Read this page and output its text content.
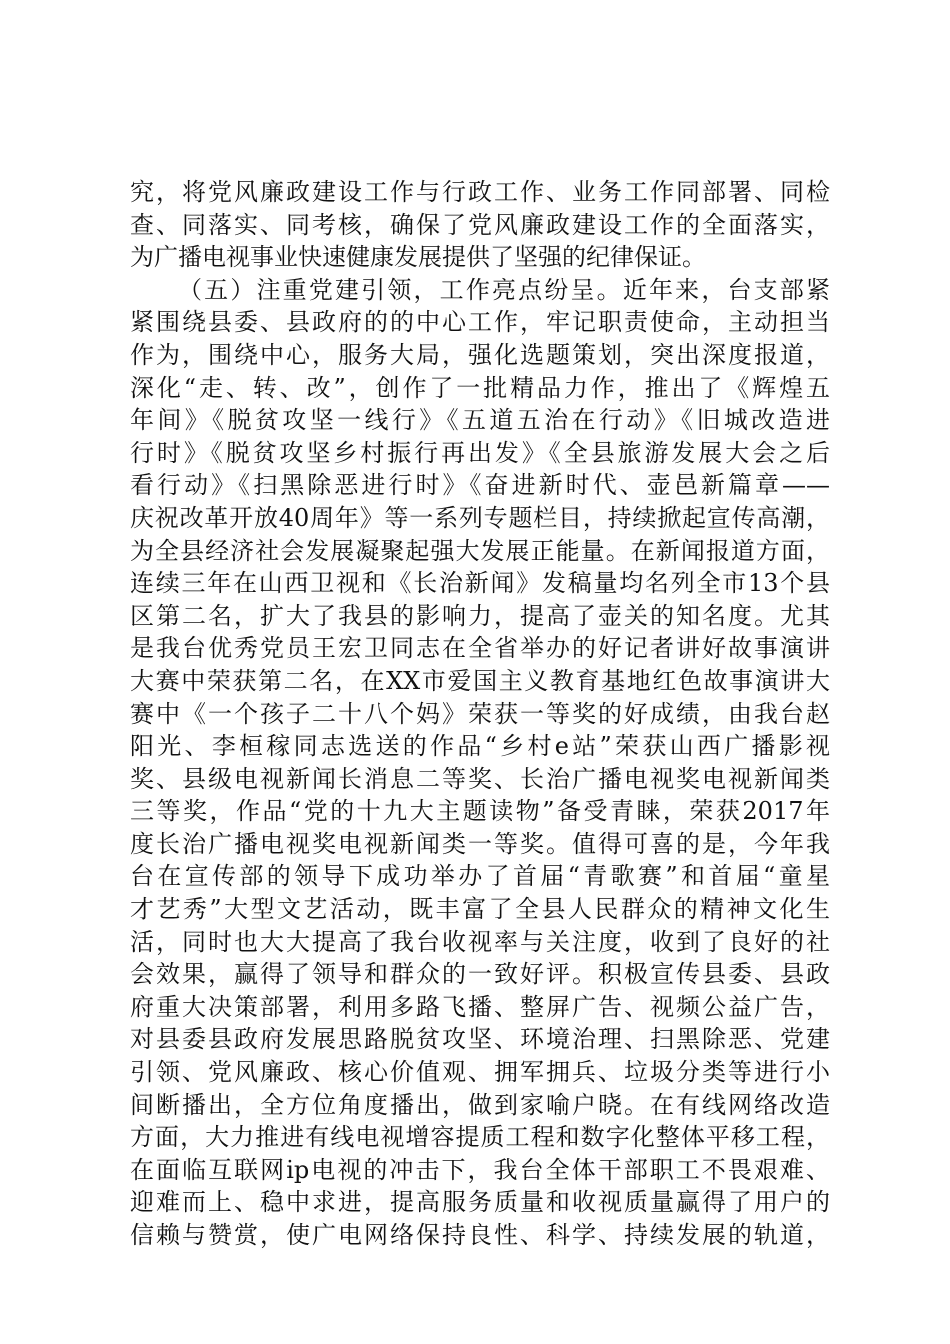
究，将党风廉政建设工作与行政工作、业务工作同部署、同检
查、同落实、同考核，确保了党风廉政建设工作的全面落实，
为广播电视事业快速健康发展提供了坚强的纪律保证。
（五）注重党建引领，工作亮点纷呈。近年来，台支部紧
紧围绕县委、县政府的的中心工作，牢记职责使命，主动担当
作为，围绕中心，服务大局，强化选题策划，突出深度报道，
深化“走、转、改”，创作了一批精品力作，推出了《辉煌五
年间》《脱贫攻坚一线行》《五道五治在行动》《旧城改造进
行时》《脱贫攻坚乡村振行再出发》《全县旅游发展大会之后
看行动》《扫黑除恶进行时》《奋进新时代、壶邑新篇章——
庆祝改革开放40周年》等一系列专题栏目，持续掀起宣传高潮，
为全县经济社会发展凝聚起强大发展正能量。在新闻报道方面，
连续三年在山西卫视和《长治新闻》发稿量均名列全市13个县
区第二名，扩大了我县的影响力，提高了壶关的知名度。尤其
是我台优秀党员王宏卫同志在全省举办的好记者讲好故事演讲
大赛中荣获第二名，在XX市爱国主义教育基地红色故事演讲大
赛中《一个孩子二十八个妈》荣获一等奖的好成绩，由我台赵
阳光、李桓稼同志选送的作品“乡村e站”荣获山西广播影视
奖、县级电视新闻长消息二等奖、长治广播电视奖电视新闻类
三等奖，作品“党的十九大主题读物”备受青睐，荣获2017年
度长治广播电视奖电视新闻类一等奖。值得可喜的是，今年我
台在宣传部的领导下成功举办了首届“青歌赛”和首届“童星
才艺秀”大型文艺活动，既丰富了全县人民群众的精神文化生
活，同时也大大提高了我台收视率与关注度，收到了良好的社
会效果，赢得了领导和群众的一致好评。积极宣传县委、县政
府重大决策部署，利用多路飞播、整屏广告、视频公益广告，
对县委县政府发展思路脱贫攻坚、环境治理、扫黑除恶、党建
引领、党风廉政、核心价值观、拥军拥兵、垃圾分类等进行小
间断播出，全方位角度播出，做到家喻户晓。在有线网络改造
方面，大力推进有线电视增容提质工程和数字化整体平移工程，
在面临互联网ip电视的冲击下，我台全体干部职工不畏艰难、
迎难而上、稳中求进，提高服务质量和收视质量赢得了用户的
信赖与赞赏，使广电网络保持良性、科学、持续发展的轨道，
